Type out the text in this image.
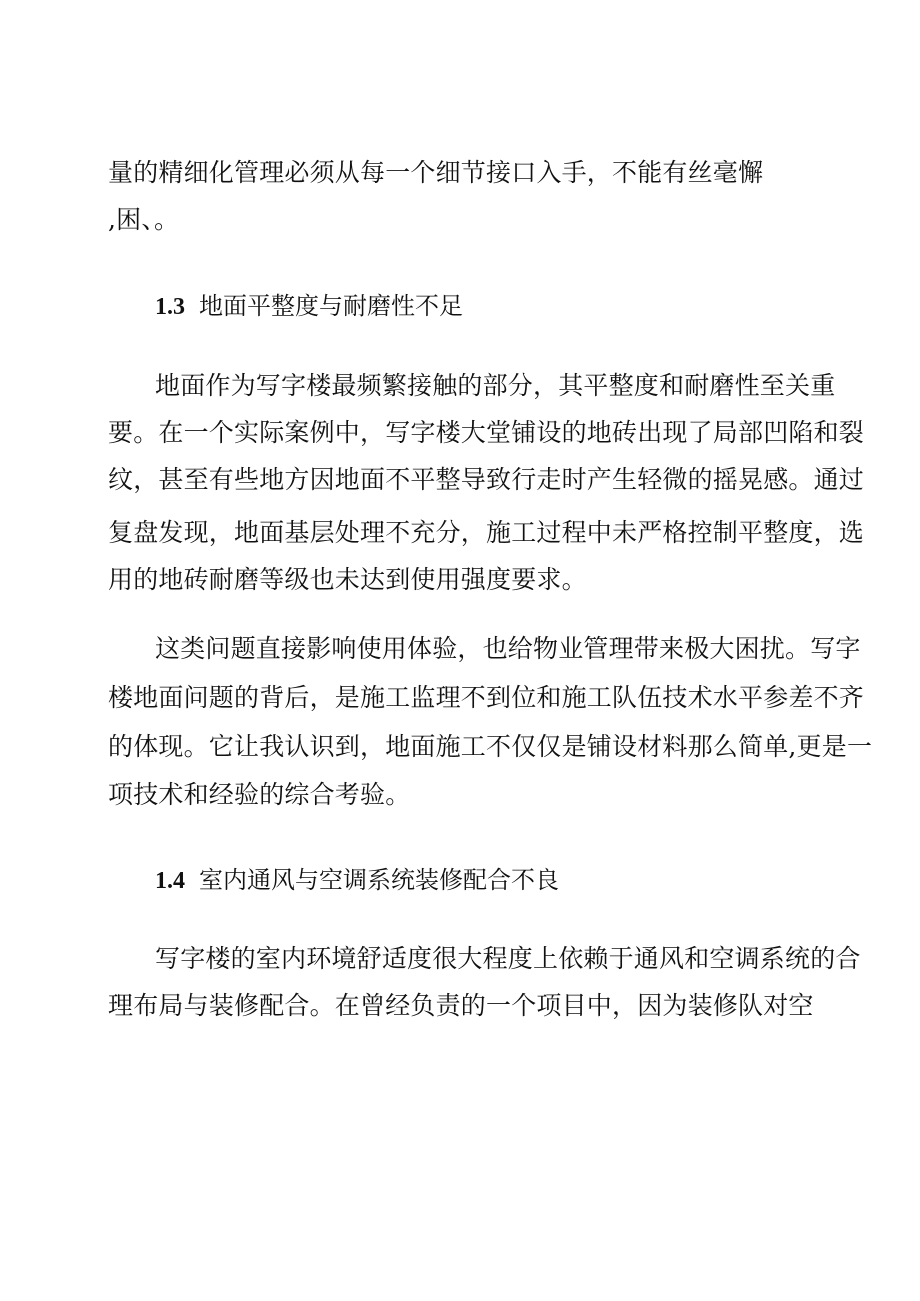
量的精细化管理必须从每一个细节接口入手，不能有丝毫懈
,困、。
1.3 地面平整度与耐磨性不足
地面作为写字楼最频繁接触的部分，其平整度和耐磨性至关重
要。在一个实际案例中，写字楼大堂铺设的地砖出现了局部凹陷和裂
纹，甚至有些地方因地面不平整导致行走时产生轻微的摇晃感。通过
复盘发现，地面基层处理不充分，施工过程中未严格控制平整度，选
用的地砖耐磨等级也未达到使用强度要求。
这类问题直接影响使用体验，也给物业管理带来极大困扰。写字
楼地面问题的背后，是施工监理不到位和施工队伍技术水平参差不齐
的体现。它让我认识到，地面施工不仅仅是铺设材料那么简单,更是一
项技术和经验的综合考验。
1.4 室内通风与空调系统装修配合不良
写字楼的室内环境舒适度很大程度上依赖于通风和空调系统的合
理布局与装修配合。在曾经负责的一个项目中，因为装修队对空
